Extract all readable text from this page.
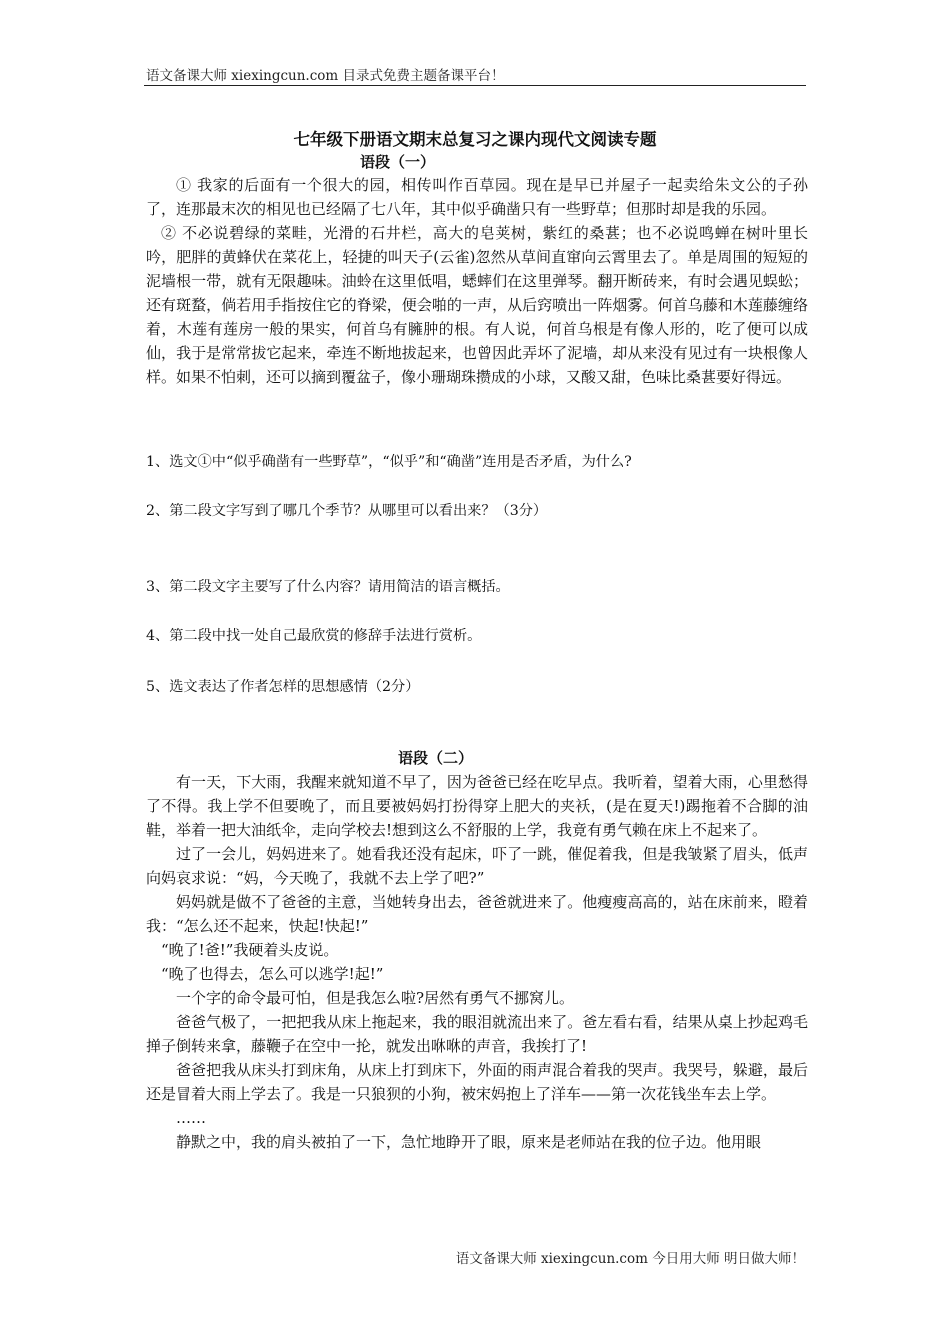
语文备课大师 xiexingcun.com 目录式免费主题备课平台！
七年级下册语文期末总复习之课内现代文阅读专题
语段（一）

① 我家的后面有一个很大的园，相传叫作百草园。现在是早已并屋子一起卖给朱文公的子孙了，连那最末次的相见也已经隔了七八年，其中似乎确凿只有一些野草；但那时却是我的乐园。

② 不必说碧绿的菜畦，光滑的石井栏，高大的皂荚树，紫红的桑葚；也不必说鸣蝉在树叶里长吟，肥胖的黄蜂伏在菜花上，轻捷的叫天子(云雀)忽然从草间直窜向云霄里去了。单是周围的短短的泥墙根一带，就有无限趣味。油蛉在这里低唱，蟋蟀们在这里弹琴。翻开断砖来，有时会遇见蜈蚣；还有斑蝥，倘若用手指按住它的脊梁，便会啪的一声，从后窍喷出一阵烟雾。何首乌藤和木莲藤缠络着，木莲有莲房一般的果实，何首乌有臃肿的根。有人说，何首乌根是有像人形的，吃了便可以成仙，我于是常常拔它起来，牵连不断地拔起来，也曾因此弄坏了泥墙，却从来没有见过有一块根像人样。如果不怕刺，还可以摘到覆盆子，像小珊瑚珠攒成的小球，又酸又甜，色味比桑葚要好得远。

1、选文①中“似乎确凿有一些野草”，“似乎”和“确凿”连用是否矛盾，为什么?
2、第二段文字写到了哪几个季节？从哪里可以看出来？（3分）
3、第二段文字主要写了什么内容？请用简洁的语言概括。
4、第二段中找一处自己最欣赏的修辞手法进行赏析。
5、选文表达了作者怎样的思想感情（2分）
语段（二）

有一天，下大雨，我醒来就知道不早了，因为爸爸已经在吃早点。我听着，望着大雨，心里愁得了不得。我上学不但要晚了，而且要被妈妈打扮得穿上肥大的夹袄，(是在夏天!)踢拖着不合脚的油鞋，举着一把大油纸伞，走向学校去!想到这么不舒服的上学，我竟有勇气赖在床上不起来了。

过了一会儿，妈妈进来了。她看我还没有起床，吓了一跳，催促着我，但是我皱紧了眉头，低声向妈哀求说：“妈，今天晚了，我就不去上学了吧?”

妈妈就是做不了爸爸的主意，当她转身出去，爸爸就进来了。他瘦瘦高高的，站在床前来，瞪着我：“怎么还不起来，快起!快起!”

“晚了!爸!”我硬着头皮说。

“晚了也得去，怎么可以逃学!起!”

一个字的命令最可怕，但是我怎么啦?居然有勇气不挪窝儿。

爸爸气极了，一把把我从床上拖起来，我的眼泪就流出来了。爸左看右看，结果从桌上抄起鸡毛掸子倒转来拿，藤鞭子在空中一抡，就发出咻咻的声音，我挨打了!

爸爸把我从床头打到床角，从床上打到床下，外面的雨声混合着我的哭声。我哭号，躲避，最后还是冒着大雨上学去了。我是一只狼狈的小狗，被宋妈抱上了洋车——第一次花钱坐车去上学。

……

静默之中，我的肩头被拍了一下，急忙地睁开了眼，原来是老师站在我的位子边。他用眼

语文备课大师 xiexingcun.com 今日用大师 明日做大师！
